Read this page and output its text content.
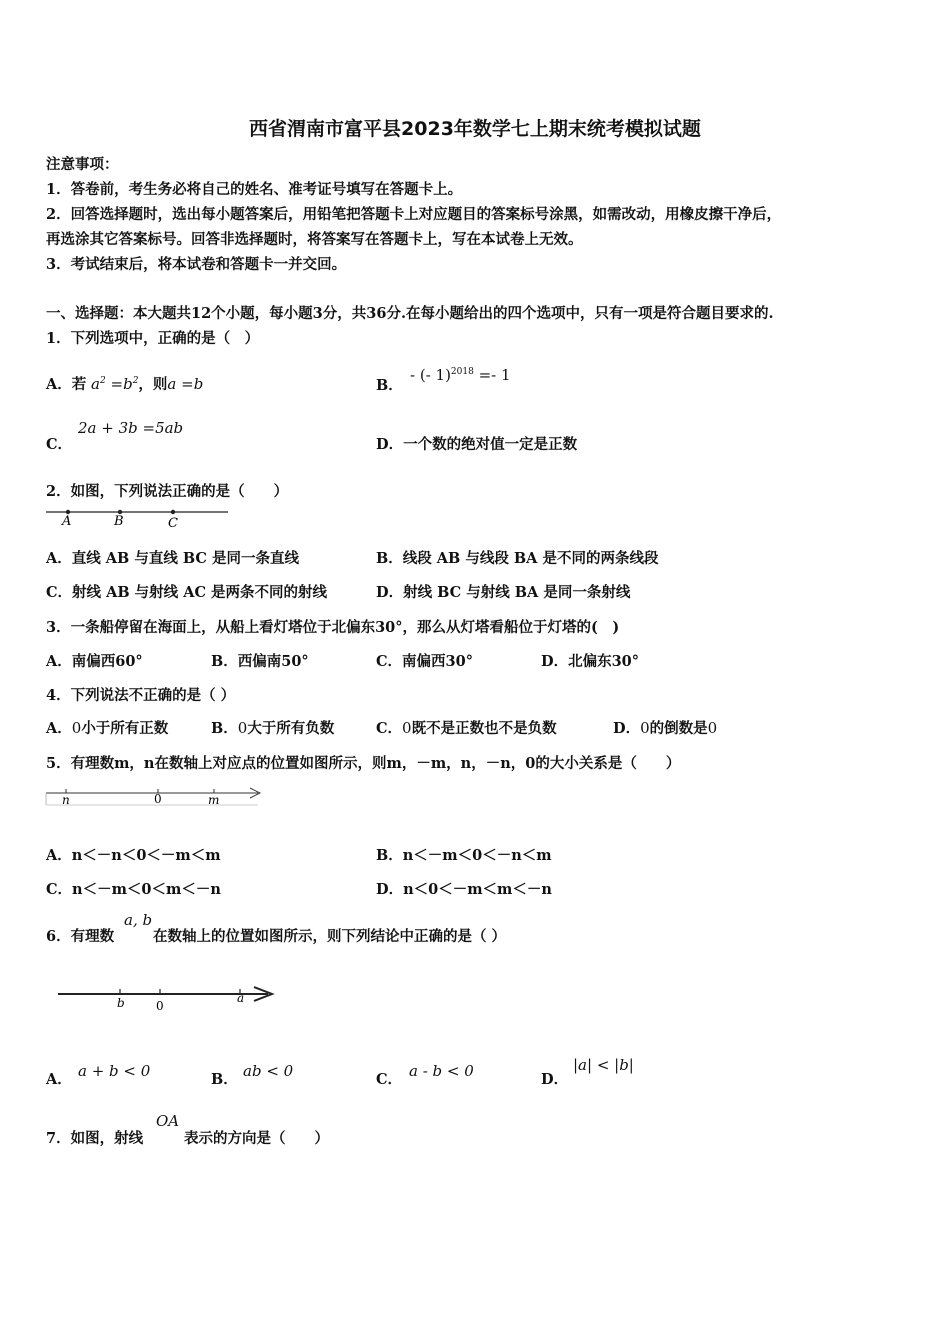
西省渭南市富平县2023年数学七上期末统考模拟试题
注意事项：
1．答卷前，考生务必将自己的姓名、准考证号填写在答题卡上。
2．回答选择题时，选出每小题答案后，用铅笔把答题卡上对应题目的答案标号涂黑，如需改动，用橡皮擦干净后，
再选涂其它答案标号。回答非选择题时，将答案写在答题卡上，写在本试卷上无效。
3．考试结束后，将本试卷和答题卡一并交回。
一、选择题：本大题共12个小题，每小题3分，共36分.在每小题给出的四个选项中，只有一项是符合题目要求的.
1．下列选项中，正确的是（　）
A．若 $a^2 =b^2$，则a =b	B．
- (- 1)$^{2018}$ =- 1
C．
2a + 3b =5ab
D．一个数的绝对值一定是正数
2．如图，下列说法正确的是（　　）
A	B	C
A．直线 AB 与直线 BC 是同一条直线	B．线段 AB 与线段 BA 是不同的两条线段
C．射线 AB 与射线 AC 是两条不同的射线	D．射线 BC 与射线 BA 是同一条射线
3．一条船停留在海面上，从船上看灯塔位于北偏东30°，那么从灯塔看船位于灯塔的(　)
A．南偏西60°	B．西偏南50°	C．南偏西30°	D．北偏东30°
4．下列说法不正确的是（ ）
A．0小于所有正数	B．0大于所有负数	C．0既不是正数也不是负数	D．0的倒数是0
5．有理数m，n在数轴上对应点的位置如图所示，则m，－m，n，－n，0的大小关系是（　　）
n	0	m
A．n＜－n＜0＜－m＜m	B．n＜－m＜0＜－n＜m
C．n＜－m＜0＜m＜－n	D．n＜0＜－m＜m＜－n
6．有理数
a, b
在数轴上的位置如图所示，则下列结论中正确的是（ ）
b	0
a
A． a + b < 0	B． ab < 0	C． a - b < 0	D．
|a| < |b|
7．如图，射线
OA
表示的方向是（　　）
